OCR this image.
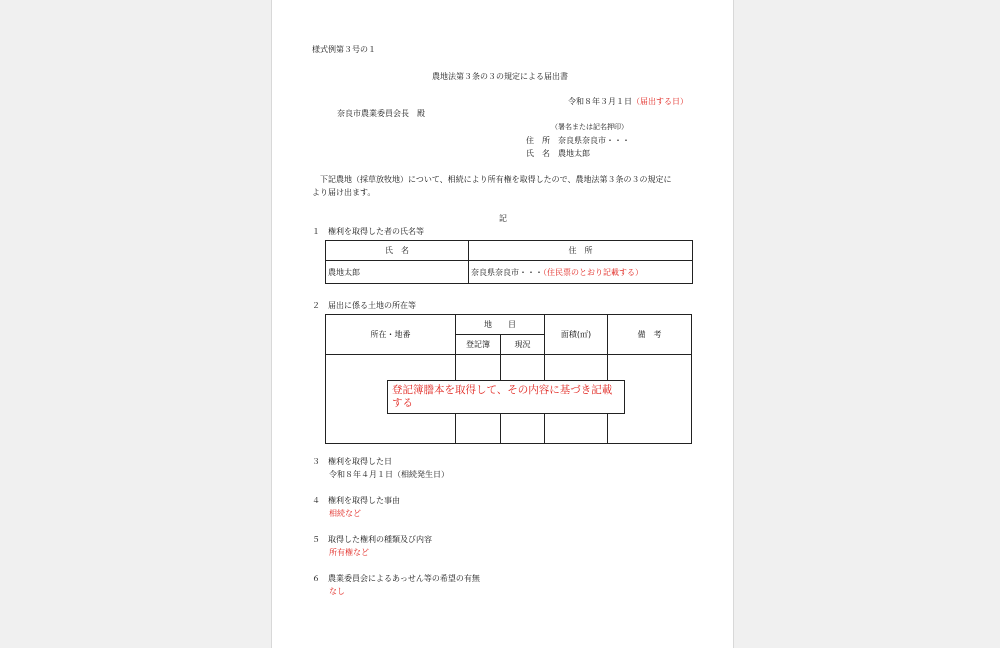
様式例第３号の１
農地法第３条の３の規定による届出書
令和８年３月１日（届出する日）
奈良市農業委員会長　殿
（署名または記名押印）
住　所　 奈良県奈良市・・・
氏　名　 農地太郎
　下記農地（採草放牧地）について、相続により所有権を取得したので、農地法第３条の３の規定に
より届け出ます。
記
１　権利を取得した者の氏名等
氏　名	住　所
農地太郎	奈良県奈良市・・・（住民票のとおり記載する）
２　届出に係る土地の所在等
所在・地番	地　　目		面積(㎡)	備　考
	登記簿	現況		

登記簿謄本を取得して、その内容に基づき記載する
３　権利を取得した日
令和８年４月１日（相続発生日）
４　権利を取得した事由
相続など
５　取得した権利の種類及び内容
所有権など
６　農業委員会によるあっせん等の希望の有無
なし
